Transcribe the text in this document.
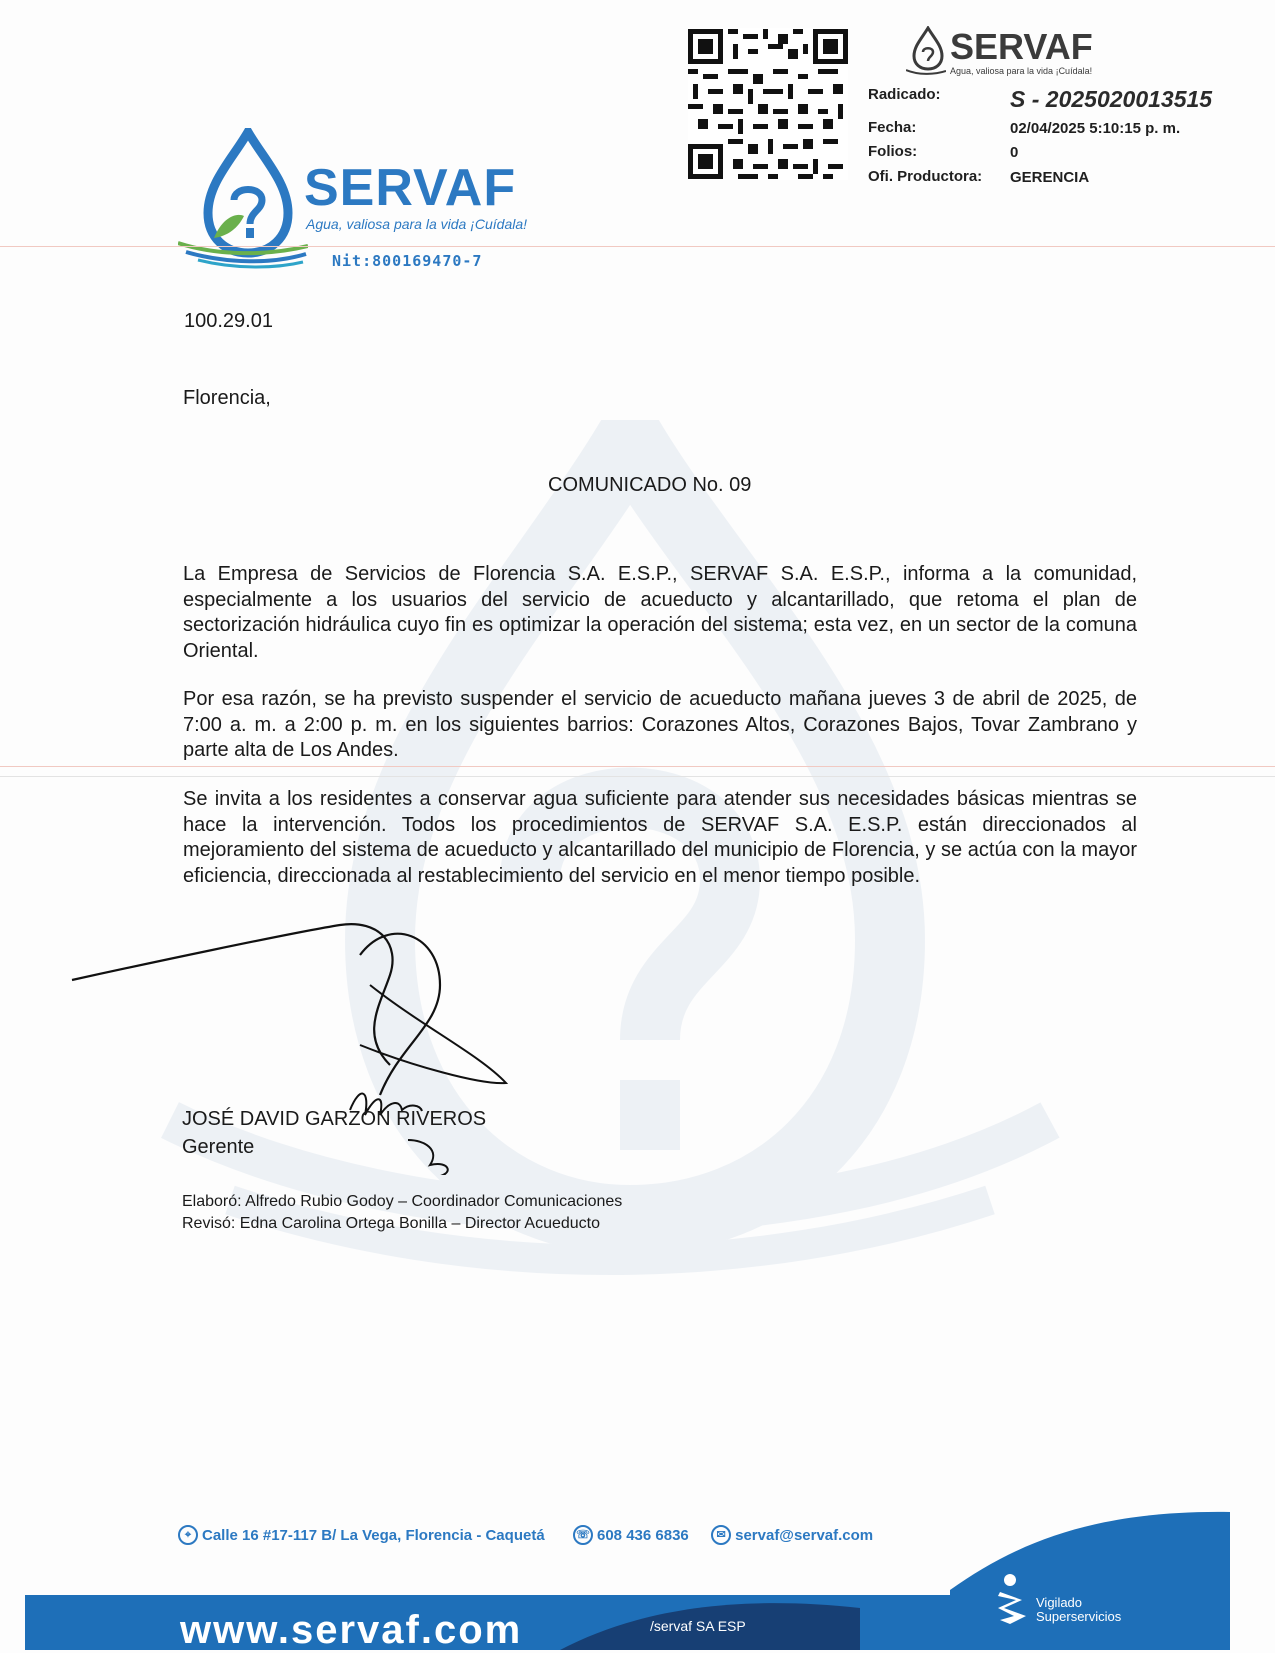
SERVAF
Agua, valiosa para la vida ¡Cuídala!
Nit:800169470-7
SERVAF
Agua, valiosa para la vida ¡Cuídala!
Radicado:	S - 2025020013515
Fecha:	02/04/2025 5:10:15 p. m.
Folios:	0
Ofi. Productora: GERENCIA
100.29.01
Florencia,
COMUNICADO No. 09
La Empresa de Servicios de Florencia S.A. E.S.P., SERVAF S.A. E.S.P., informa a la comunidad, especialmente a los usuarios del servicio de acueducto y alcantarillado, que retoma el plan de sectorización hidráulica cuyo fin es optimizar la operación del sistema; esta vez, en un sector de la comuna Oriental.
Por esa razón, se ha previsto suspender el servicio de acueducto mañana jueves 3 de abril de 2025, de 7:00 a. m. a 2:00 p. m. en los siguientes barrios: Corazones Altos, Corazones Bajos, Tovar Zambrano y parte alta de Los Andes.
Se invita a los residentes a conservar agua suficiente para atender sus necesidades básicas mientras se hace la intervención. Todos los procedimientos de SERVAF S.A. E.S.P. están direccionados al mejoramiento del sistema de acueducto y alcantarillado del municipio de Florencia, y se actúa con la mayor eficiencia, direccionada al restablecimiento del servicio en el menor tiempo posible.
JOSÉ DAVID GARZÓN RIVEROS
Gerente
Elaboró: Alfredo Rubio Godoy – Coordinador Comunicaciones
Revisó: Edna Carolina Ortega Bonilla – Director Acueducto
⌖ Calle 16 #17-117 B/ La Vega, Florencia - Caquetá	☏ 608 436 6836	✉ servaf@servaf.com
www.servaf.com	/servaf SA ESP
Vigilado
Superservicios
